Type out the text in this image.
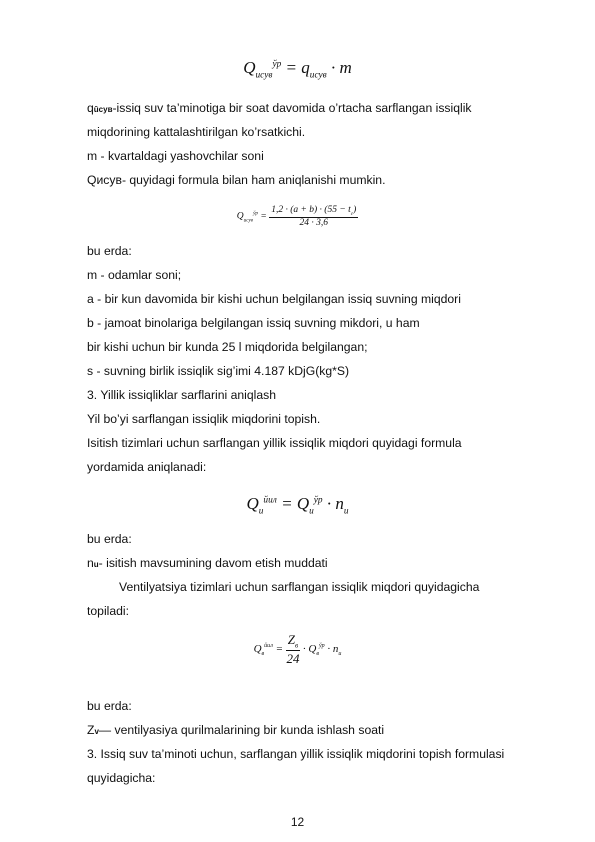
$Q_{исув}^{ўр} = q_{исув} \cdot m$
qūсув-issiq suv ta’minotiga bir soat davomida o’rtacha sarflangan issiqlik
miqdorining kattalashtirilgan ko’rsatkichi.
m - kvartaldagi yashovchilar soni
Qисув- quyidagi formula bilan ham aniqlanishi mumkin.
$Q_{исув}^{ўр} = \frac{1,2 \cdot (a + b) \cdot (55 - t_c)}{24 \cdot 3,6}$
bu erda:
m - odamlar soni;
a - bir kun davomida bir kishi uchun belgilangan issiq suvning miqdori
b - jamoat binolariga belgilangan issiq suvning mikdori, u ham
bir kishi uchun bir kunda 25 l miqdorida belgilangan;
s - suvning birlik issiqlik sig’imi 4.187 kDjG(kg*S)
3. Yillik issiqliklar sarflarini aniqlash
Yil bo’yi sarflangan issiqlik miqdorini topish.
Isitish tizimlari uchun sarflangan yillik issiqlik miqdori quyidagi formula
yordamida aniqlanadi:
$Q_и^{йил} = Q_и^{ўр} \cdot n_и$
bu erda:
nu- isitish mavsumining davom etish muddati
Ventilyatsiya tizimlari uchun sarflangan issiqlik miqdori quyidagicha
topiladi:
$Q_в^{йил} = \frac{Z_в}{24} \cdot Q_в^{ўр} \cdot n_и$
bu erda:
Zv— ventilyasiya qurilmalarining bir kunda ishlash soati
3. Issiq suv ta’minoti uchun, sarflangan yillik issiqlik miqdorini topish formulasi
quyidagicha:
12
